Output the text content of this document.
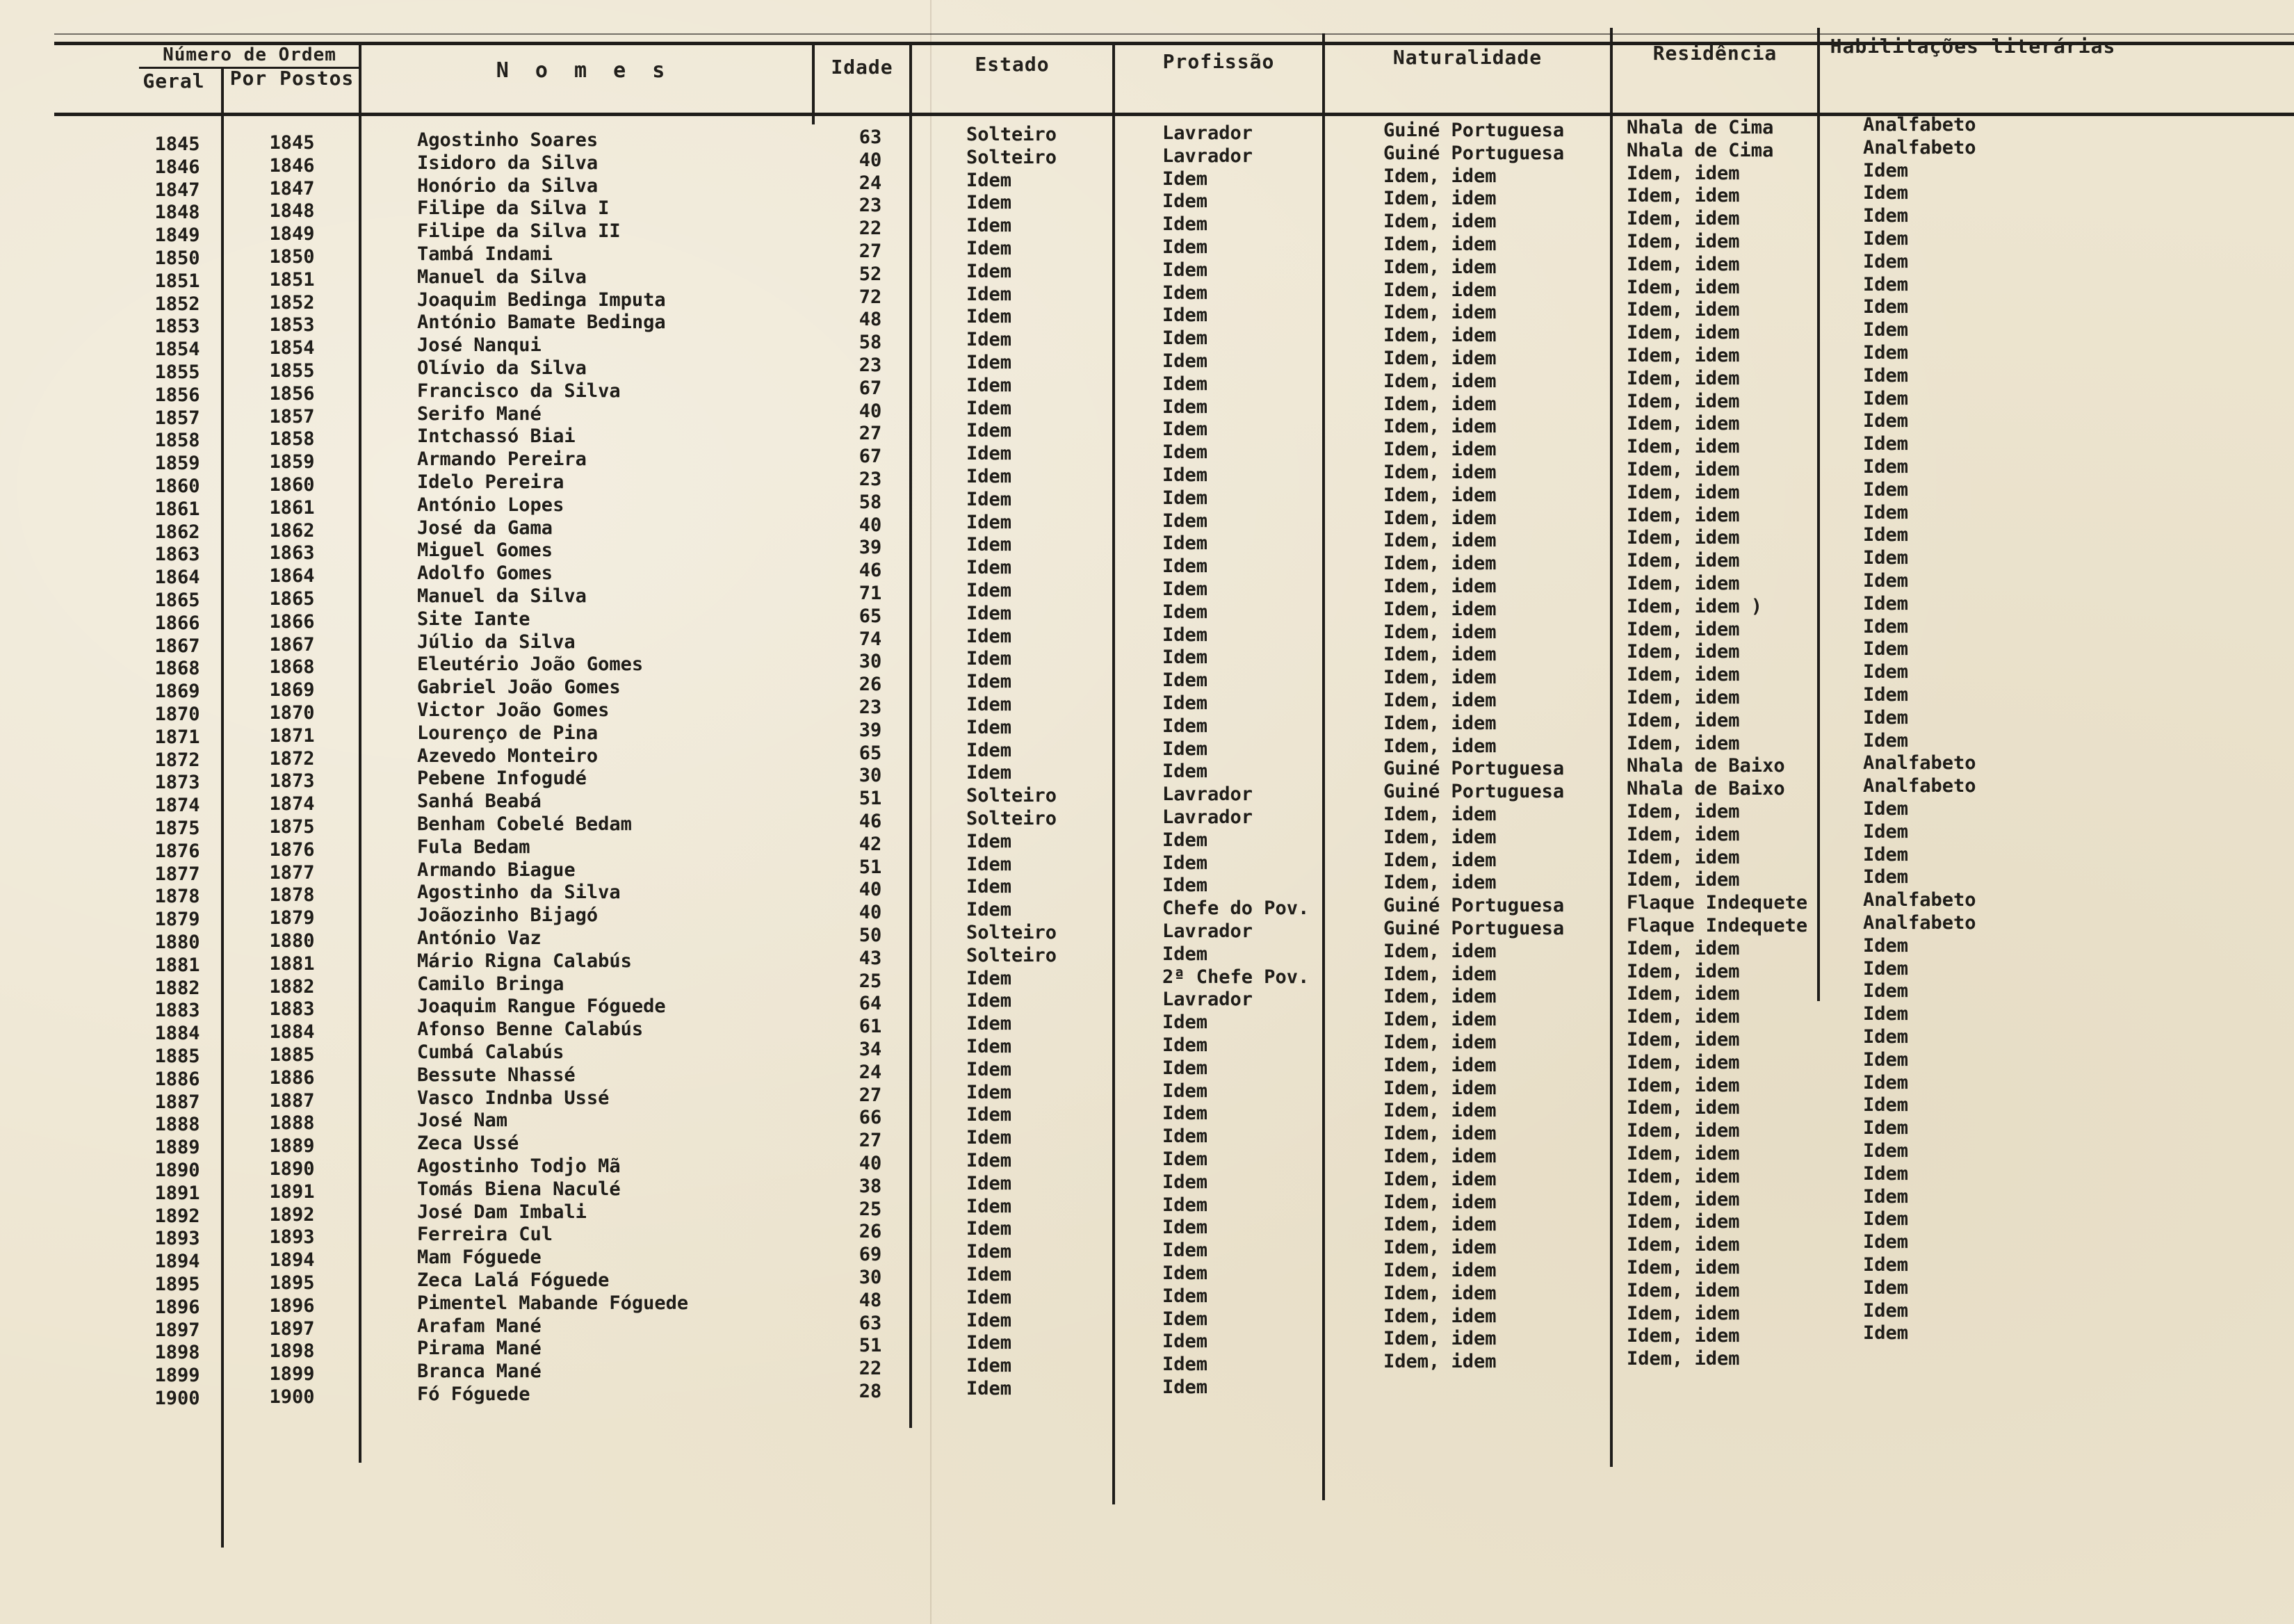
Número de Ordem
Geral	Por Postos	N o m e s	Idade	Estado	Profissão	Naturalidade	Residência	Habilitações literárias
1845	1845	Agostinho Soares	63	Solteiro	Lavrador	Guiné Portuguesa	Nhala de Cima	Analfabeto
1846	1846	Isidoro da Silva	40	Solteiro	Lavrador	Guiné Portuguesa	Nhala de Cima	Analfabeto
1847	1847	Honório da Silva	24	Idem	Idem	Idem, idem	Idem, idem	Idem
1848	1848	Filipe da Silva I	23	Idem	Idem	Idem, idem	Idem, idem	Idem
1849	1849	Filipe da Silva II	22	Idem	Idem	Idem, idem	Idem, idem	Idem
1850	1850	Tambá Indami	27	Idem	Idem	Idem, idem	Idem, idem	Idem
1851	1851	Manuel da Silva	52	Idem	Idem	Idem, idem	Idem, idem	Idem
1852	1852	Joaquim Bedinga Imputa	72	Idem	Idem	Idem, idem	Idem, idem	Idem
1853	1853	António Bamate Bedinga	48	Idem	Idem	Idem, idem	Idem, idem	Idem
1854	1854	José Nanqui	58	Idem	Idem	Idem, idem	Idem, idem	Idem
1855	1855	Olívio da Silva	23	Idem	Idem	Idem, idem	Idem, idem	Idem
1856	1856	Francisco da Silva	67	Idem	Idem	Idem, idem	Idem, idem	Idem
1857	1857	Serifo Mané	40	Idem	Idem	Idem, idem	Idem, idem	Idem
1858	1858	Intchassó Biai	27	Idem	Idem	Idem, idem	Idem, idem	Idem
1859	1859	Armando Pereira	67	Idem	Idem	Idem, idem	Idem, idem	Idem
1860	1860	Idelo Pereira	23	Idem	Idem	Idem, idem	Idem, idem	Idem
1861	1861	António Lopes	58	Idem	Idem	Idem, idem	Idem, idem	Idem
1862	1862	José da Gama	40	Idem	Idem	Idem, idem	Idem, idem	Idem
1863	1863	Miguel Gomes	39	Idem	Idem	Idem, idem	Idem, idem	Idem
1864	1864	Adolfo Gomes	46	Idem	Idem	Idem, idem	Idem, idem	Idem
1865	1865	Manuel da Silva	71	Idem	Idem	Idem, idem	Idem, idem	Idem
1866	1866	Site Iante	65	Idem	Idem	Idem, idem	Idem, idem )	Idem
1867	1867	Júlio da Silva	74	Idem	Idem	Idem, idem	Idem, idem	Idem
1868	1868	Eleutério João Gomes	30	Idem	Idem	Idem, idem	Idem, idem	Idem
1869	1869	Gabriel João Gomes	26	Idem	Idem	Idem, idem	Idem, idem	Idem
1870	1870	Victor João Gomes	23	Idem	Idem	Idem, idem	Idem, idem	Idem
1871	1871	Lourenço de Pina	39	Idem	Idem	Idem, idem	Idem, idem	Idem
1872	1872	Azevedo Monteiro	65	Idem	Idem	Idem, idem	Idem, idem	Idem
1873	1873	Pebene Infogudé	30	Idem	Idem	Guiné Portuguesa	Nhala de Baixo	Analfabeto
1874	1874	Sanhá Beabá	51	Solteiro	Lavrador	Guiné Portuguesa	Nhala de Baixo	Analfabeto
1875	1875	Benham Cobelé Bedam	46	Solteiro	Lavrador	Idem, idem	Idem, idem	Idem
1876	1876	Fula Bedam	42	Idem	Idem	Idem, idem	Idem, idem	Idem
1877	1877	Armando Biague	51	Idem	Idem	Idem, idem	Idem, idem	Idem
1878	1878	Agostinho da Silva	40	Idem	Idem	Idem, idem	Idem, idem	Idem
1879	1879	Joãozinho Bijagó	40	Idem	Chefe do Pov.	Guiné Portuguesa	Flaque Indequete	Analfabeto
1880	1880	António Vaz	50	Solteiro	Lavrador	Guiné Portuguesa	Flaque Indequete	Analfabeto
1881	1881	Mário Rigna Calabús	43	Solteiro	Idem	Idem, idem	Idem, idem	Idem
1882	1882	Camilo Bringa	25	Idem	2ª Chefe Pov.	Idem, idem	Idem, idem	Idem
1883	1883	Joaquim Rangue Fóguede	64	Idem	Lavrador	Idem, idem	Idem, idem	Idem
1884	1884	Afonso Benne Calabús	61	Idem	Idem	Idem, idem	Idem, idem	Idem
1885	1885	Cumbá Calabús	34	Idem	Idem	Idem, idem	Idem, idem	Idem
1886	1886	Bessute Nhassé	24	Idem	Idem	Idem, idem	Idem, idem	Idem
1887	1887	Vasco Indnba Ussé	27	Idem	Idem	Idem, idem	Idem, idem	Idem
1888	1888	José Nam	66	Idem	Idem	Idem, idem	Idem, idem	Idem
1889	1889	Zeca Ussé	27	Idem	Idem	Idem, idem	Idem, idem	Idem
1890	1890	Agostinho Todjo Mã	40	Idem	Idem	Idem, idem	Idem, idem	Idem
1891	1891	Tomás Biena Naculé	38	Idem	Idem	Idem, idem	Idem, idem	Idem
1892	1892	José Dam Imbali	25	Idem	Idem	Idem, idem	Idem, idem	Idem
1893	1893	Ferreira Cul	26	Idem	Idem	Idem, idem	Idem, idem	Idem
1894	1894	Mam Fóguede	69	Idem	Idem	Idem, idem	Idem, idem	Idem
1895	1895	Zeca Lalá Fóguede	30	Idem	Idem	Idem, idem	Idem, idem	Idem
1896	1896	Pimentel Mabande Fóguede	48	Idem	Idem	Idem, idem	Idem, idem	Idem
1897	1897	Arafam Mané	63	Idem	Idem	Idem, idem	Idem, idem	Idem
1898	1898	Pirama Mané	51	Idem	Idem	Idem, idem	Idem, idem	Idem
1899	1899	Branca Mané	22	Idem	Idem	Idem, idem	Idem, idem
1900	1900	Fó Fóguede	28	Idem	Idem
